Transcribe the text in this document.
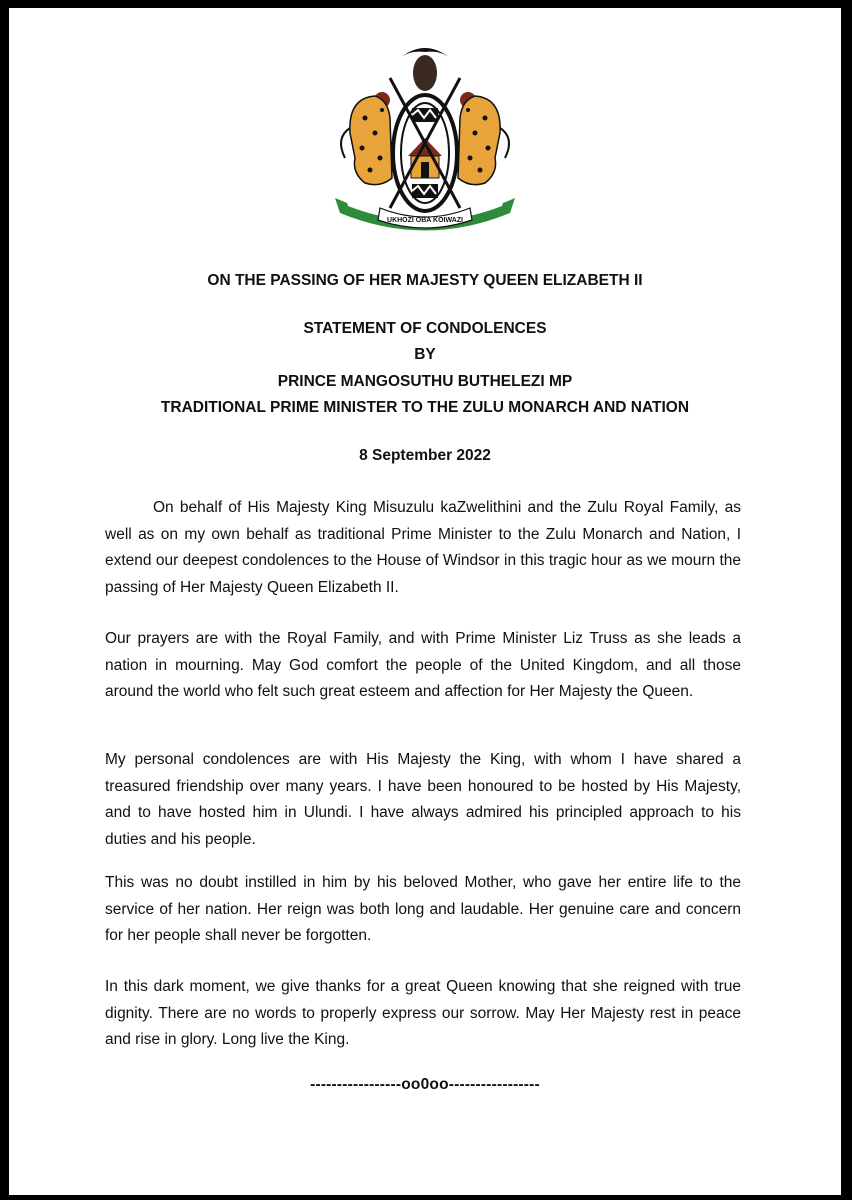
UKHOZI OBA KOIWAZI

ON THE PASSING OF HER MAJESTY QUEEN ELIZABETH II

STATEMENT OF CONDOLENCES

BY

PRINCE MANGOSUTHU BUTHELEZI MP

TRADITIONAL PRIME MINISTER TO THE ZULU MONARCH AND NATION

8 September 2022

On behalf of His Majesty King Misuzulu kaZwelithini and the Zulu Royal Family, as well as on my own behalf as traditional Prime Minister to the Zulu Monarch and Nation, I extend our deepest condolences to the House of Windsor in this tragic hour as we mourn the passing of Her Majesty Queen Elizabeth II.

Our prayers are with the Royal Family, and with Prime Minister Liz Truss as she leads a nation in mourning. May God comfort the people of the United Kingdom, and all those around the world who felt such great esteem and affection for Her Majesty the Queen.

My personal condolences are with His Majesty the King, with whom I have shared a treasured friendship over many years. I have been honoured to be hosted by His Majesty, and to have hosted him in Ulundi. I have always admired his principled approach to his duties and his people.

This was no doubt instilled in him by his beloved Mother, who gave her entire life to the service of her nation. Her reign was both long and laudable. Her genuine care and concern for her people shall never be forgotten.

In this dark moment, we give thanks for a great Queen knowing that she reigned with true dignity. There are no words to properly express our sorrow. May Her Majesty rest in peace and rise in glory. Long live the King.

-----------------oo0oo-----------------
